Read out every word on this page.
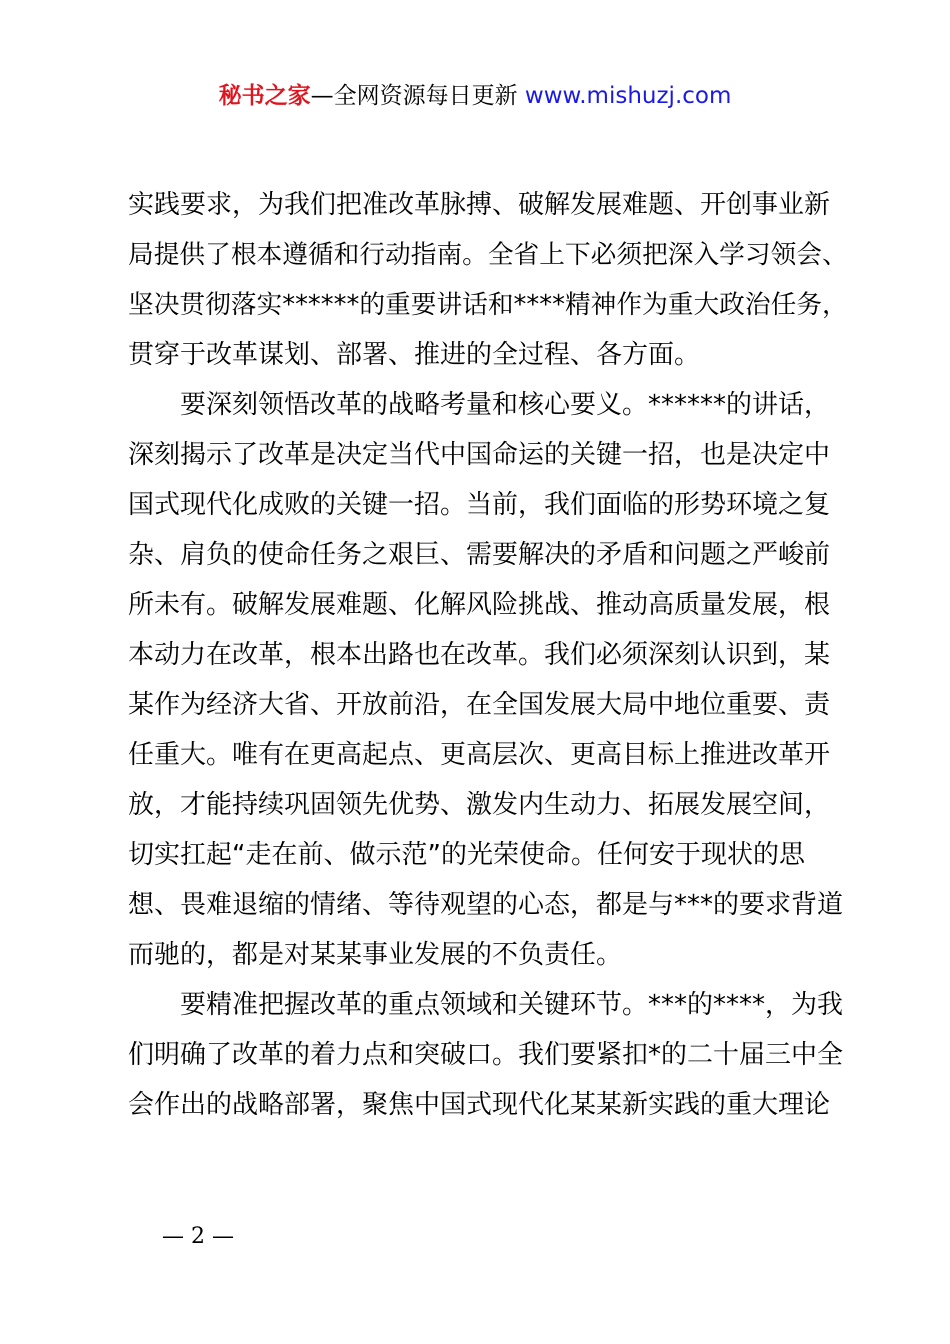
秘书之家—全网资源每日更新 www.mishuzj.com
实践要求，为我们把准改革脉搏、破解发展难题、开创事业新
局提供了根本遵循和行动指南。全省上下必须把深入学习领会、
坚决贯彻落实******的重要讲话和****精神作为重大政治任务，
贯穿于改革谋划、部署、推进的全过程、各方面。
要深刻领悟改革的战略考量和核心要义。******的讲话，
深刻揭示了改革是决定当代中国命运的关键一招，也是决定中
国式现代化成败的关键一招。当前，我们面临的形势环境之复
杂、肩负的使命任务之艰巨、需要解决的矛盾和问题之严峻前
所未有。破解发展难题、化解风险挑战、推动高质量发展，根
本动力在改革，根本出路也在改革。我们必须深刻认识到，某
某作为经济大省、开放前沿，在全国发展大局中地位重要、责
任重大。唯有在更高起点、更高层次、更高目标上推进改革开
放，才能持续巩固领先优势、激发内生动力、拓展发展空间，
切实扛起“走在前、做示范”的光荣使命。任何安于现状的思
想、畏难退缩的情绪、等待观望的心态，都是与***的要求背道
而驰的，都是对某某事业发展的不负责任。
要精准把握改革的重点领域和关键环节。***的****，为我
们明确了改革的着力点和突破口。我们要紧扣*的二十届三中全
会作出的战略部署，聚焦中国式现代化某某新实践的重大理论
— 2 —
